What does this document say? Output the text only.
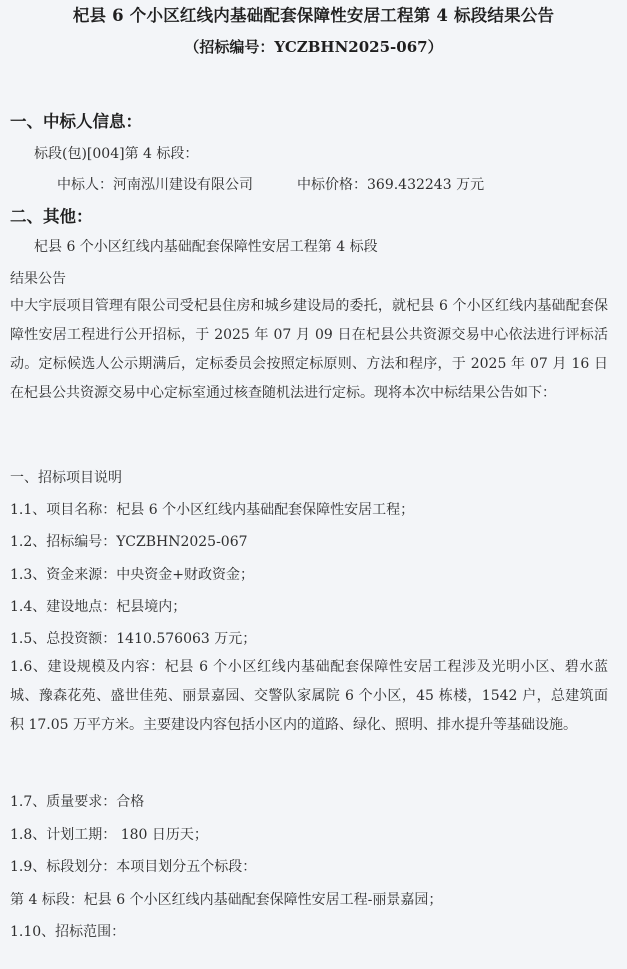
杞县 6 个小区红线内基础配套保障性安居工程第 4 标段结果公告
（招标编号：YCZBHN2025-067）
一、中标人信息：
标段(包)[004]第 4 标段：
中标人：河南泓川建设有限公司	中标价格：369.432243 万元
二、其他：
杞县 6 个小区红线内基础配套保障性安居工程第 4 标段
结果公告
中大宇辰项目管理有限公司受杞县住房和城乡建设局的委托，就杞县 6 个小区红线内基础配套保障性安居工程进行公开招标，于 2025 年 07 月 09 日在杞县公共资源交易中心依法进行评标活动。定标候选人公示期满后，定标委员会按照定标原则、方法和程序，于 2025 年 07 月 16 日在杞县公共资源交易中心定标室通过核查随机法进行定标。现将本次中标结果公告如下：
一、招标项目说明
1.1、项目名称：杞县 6 个小区红线内基础配套保障性安居工程；
1.2、招标编号：YCZBHN2025-067
1.3、资金来源：中央资金+财政资金；
1.4、建设地点：杞县境内；
1.5、总投资额：1410.576063 万元；
1.6、建设规模及内容：杞县 6 个小区红线内基础配套保障性安居工程涉及光明小区、碧水蓝城、豫森花苑、盛世佳苑、丽景嘉园、交警队家属院 6 个小区，45 栋楼，1542 户，总建筑面积 17.05 万平方米。主要建设内容包括小区内的道路、绿化、照明、排水提升等基础设施。
1.7、质量要求：合格
1.8、计划工期： 180 日历天；
1.9、标段划分：本项目划分五个标段：
第 4 标段：杞县 6 个小区红线内基础配套保障性安居工程-丽景嘉园；
1.10、招标范围：
